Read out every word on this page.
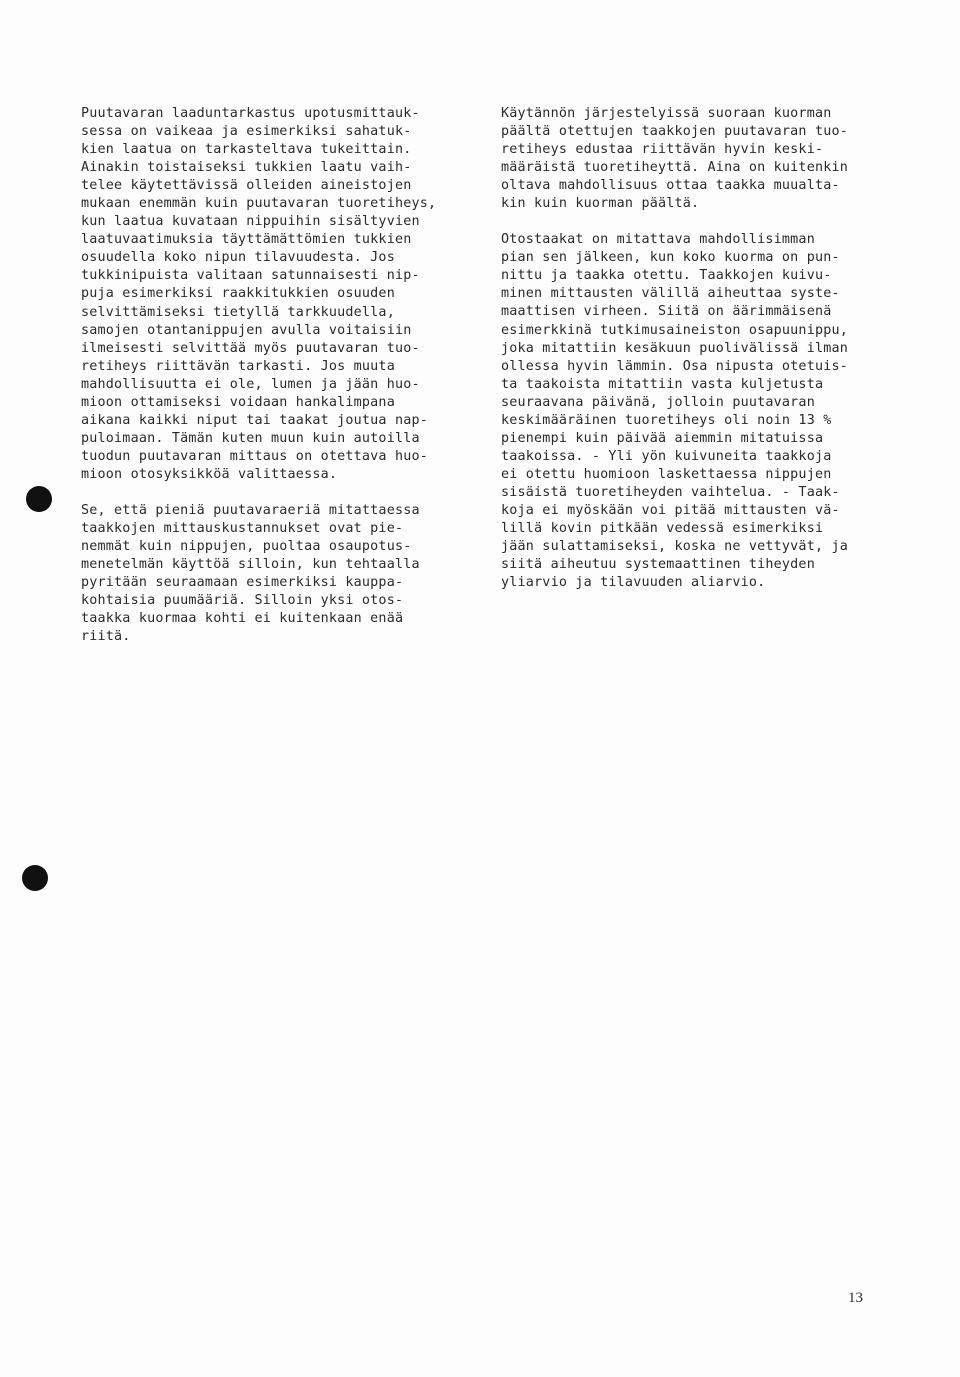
Puutavaran laaduntarkastus upotusmittauk-
sessa on vaikeaa ja esimerkiksi sahatuk-
kien laatua on tarkasteltava tukeittain.
Ainakin toistaiseksi tukkien laatu vaih-
telee käytettävissä olleiden aineistojen
mukaan enemmän kuin puutavaran tuoretiheys,
kun laatua kuvataan nippuihin sisältyvien
laatuvaatimuksia täyttämättömien tukkien
osuudella koko nipun tilavuudesta. Jos
tukkinipuista valitaan satunnaisesti nip-
puja esimerkiksi raakkitukkien osuuden
selvittämiseksi tietyllä tarkkuudella,
samojen otantanippujen avulla voitaisiin
ilmeisesti selvittää myös puutavaran tuo-
retiheys riittävän tarkasti. Jos muuta
mahdollisuutta ei ole, lumen ja jään huo-
mioon ottamiseksi voidaan hankalimpana
aikana kaikki niput tai taakat joutua nap-
puloimaan. Tämän kuten muun kuin autoilla
tuodun puutavaran mittaus on otettava huo-
mioon otosyksikköä valittaessa.

Se, että pieniä puutavaraeriä mitattaessa
taakkojen mittauskustannukset ovat pie-
nemmät kuin nippujen, puoltaa osaupotus-
menetelmän käyttöä silloin, kun tehtaalla
pyritään seuraamaan esimerkiksi kauppa-
kohtaisia puumääriä. Silloin yksi otos-
taakka kuormaa kohti ei kuitenkaan enää
riitä.

Käytännön järjestelyissä suoraan kuorman
päältä otettujen taakkojen puutavaran tuo-
retiheys edustaa riittävän hyvin keski-
määräistä tuoretiheyttä. Aina on kuitenkin
oltava mahdollisuus ottaa taakka muualta-
kin kuin kuorman päältä.

Otostaakat on mitattava mahdollisimman
pian sen jälkeen, kun koko kuorma on pun-
nittu ja taakka otettu. Taakkojen kuivu-
minen mittausten välillä aiheuttaa syste-
maattisen virheen. Siitä on äärimmäisenä
esimerkkinä tutkimusaineiston osapuunippu,
joka mitattiin kesäkuun puolivälissä ilman
ollessa hyvin lämmin. Osa nipusta otetuis-
ta taakoista mitattiin vasta kuljetusta
seuraavana päivänä, jolloin puutavaran
keskimääräinen tuoretiheys oli noin 13 %
pienempi kuin päivää aiemmin mitatuissa
taakoissa. - Yli yön kuivuneita taakkoja
ei otettu huomioon laskettaessa nippujen
sisäistä tuoretiheyden vaihtelua. - Taak-
koja ei myöskään voi pitää mittausten vä-
lillä kovin pitkään vedessä esimerkiksi
jään sulattamiseksi, koska ne vettyvät, ja
siitä aiheutuu systemaattinen tiheyden
yliarvio ja tilavuuden aliarvio.

13
